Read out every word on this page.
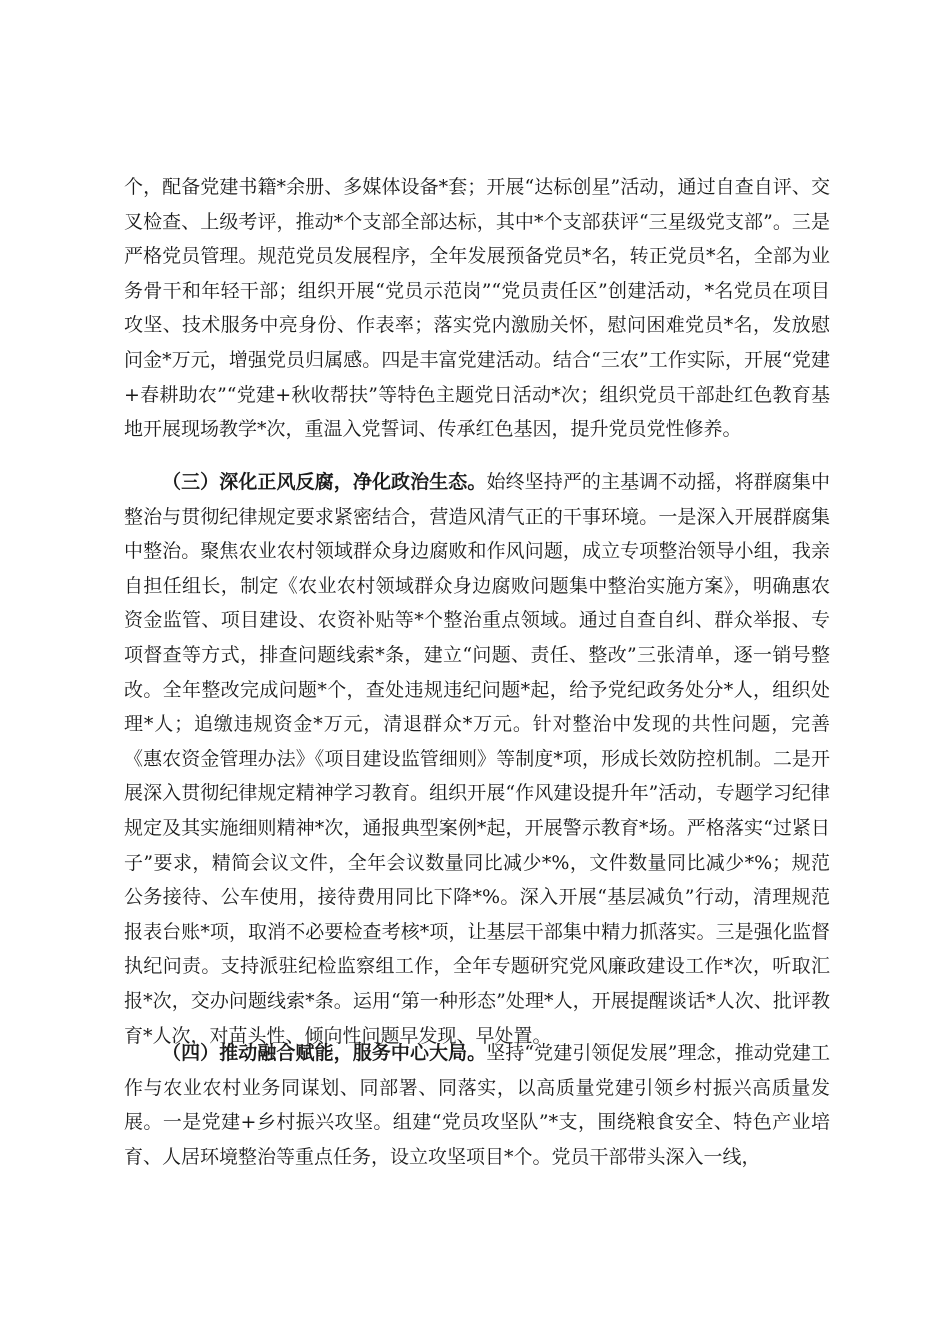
个，配备党建书籍*余册、多媒体设备*套；开展“达标创星”活动，通过自查自评、交叉检查、上级考评，推动*个支部全部达标，其中*个支部获评“三星级党支部”。三是严格党员管理。规范党员发展程序，全年发展预备党员*名，转正党员*名，全部为业务骨干和年轻干部；组织开展“党员示范岗”“党员责任区”创建活动，*名党员在项目攻坚、技术服务中亮身份、作表率；落实党内激励关怀，慰问困难党员*名，发放慰问金*万元，增强党员归属感。四是丰富党建活动。结合“三农”工作实际，开展“党建+春耕助农”“党建+秋收帮扶”等特色主题党日活动*次；组织党员干部赴红色教育基地开展现场教学*次，重温入党誓词、传承红色基因，提升党员党性修养。

（三）深化正风反腐，净化政治生态。始终坚持严的主基调不动摇，将群腐集中整治与贯彻纪律规定要求紧密结合，营造风清气正的干事环境。一是深入开展群腐集中整治。聚焦农业农村领域群众身边腐败和作风问题，成立专项整治领导小组，我亲自担任组长，制定《农业农村领域群众身边腐败问题集中整治实施方案》，明确惠农资金监管、项目建设、农资补贴等*个整治重点领域。通过自查自纠、群众举报、专项督查等方式，排查问题线索*条，建立“问题、责任、整改”三张清单，逐一销号整改。全年整改完成问题*个，查处违规违纪问题*起，给予党纪政务处分*人，组织处理*人；追缴违规资金*万元，清退群众*万元。针对整治中发现的共性问题，完善《惠农资金管理办法》《项目建设监管细则》等制度*项，形成长效防控机制。二是开展深入贯彻纪律规定精神学习教育。组织开展“作风建设提升年”活动，专题学习纪律规定及其实施细则精神*次，通报典型案例*起，开展警示教育*场。严格落实“过紧日子”要求，精简会议文件，全年会议数量同比减少*%，文件数量同比减少*%；规范公务接待、公车使用，接待费用同比下降*%。深入开展“基层减负”行动，清理规范报表台账*项，取消不必要检查考核*项，让基层干部集中精力抓落实。三是强化监督执纪问责。支持派驻纪检监察组工作，全年专题研究党风廉政建设工作*次，听取汇报*次，交办问题线索*条。运用“第一种形态”处理*人，开展提醒谈话*人次、批评教育*人次，对苗头性、倾向性问题早发现、早处置。

（四）推动融合赋能，服务中心大局。坚持“党建引领促发展”理念，推动党建工作与农业农村业务同谋划、同部署、同落实，以高质量党建引领乡村振兴高质量发展。一是党建+乡村振兴攻坚。组建“党员攻坚队”*支，围绕粮食安全、特色产业培育、人居环境整治等重点任务，设立攻坚项目*个。党员干部带头深入一线，
